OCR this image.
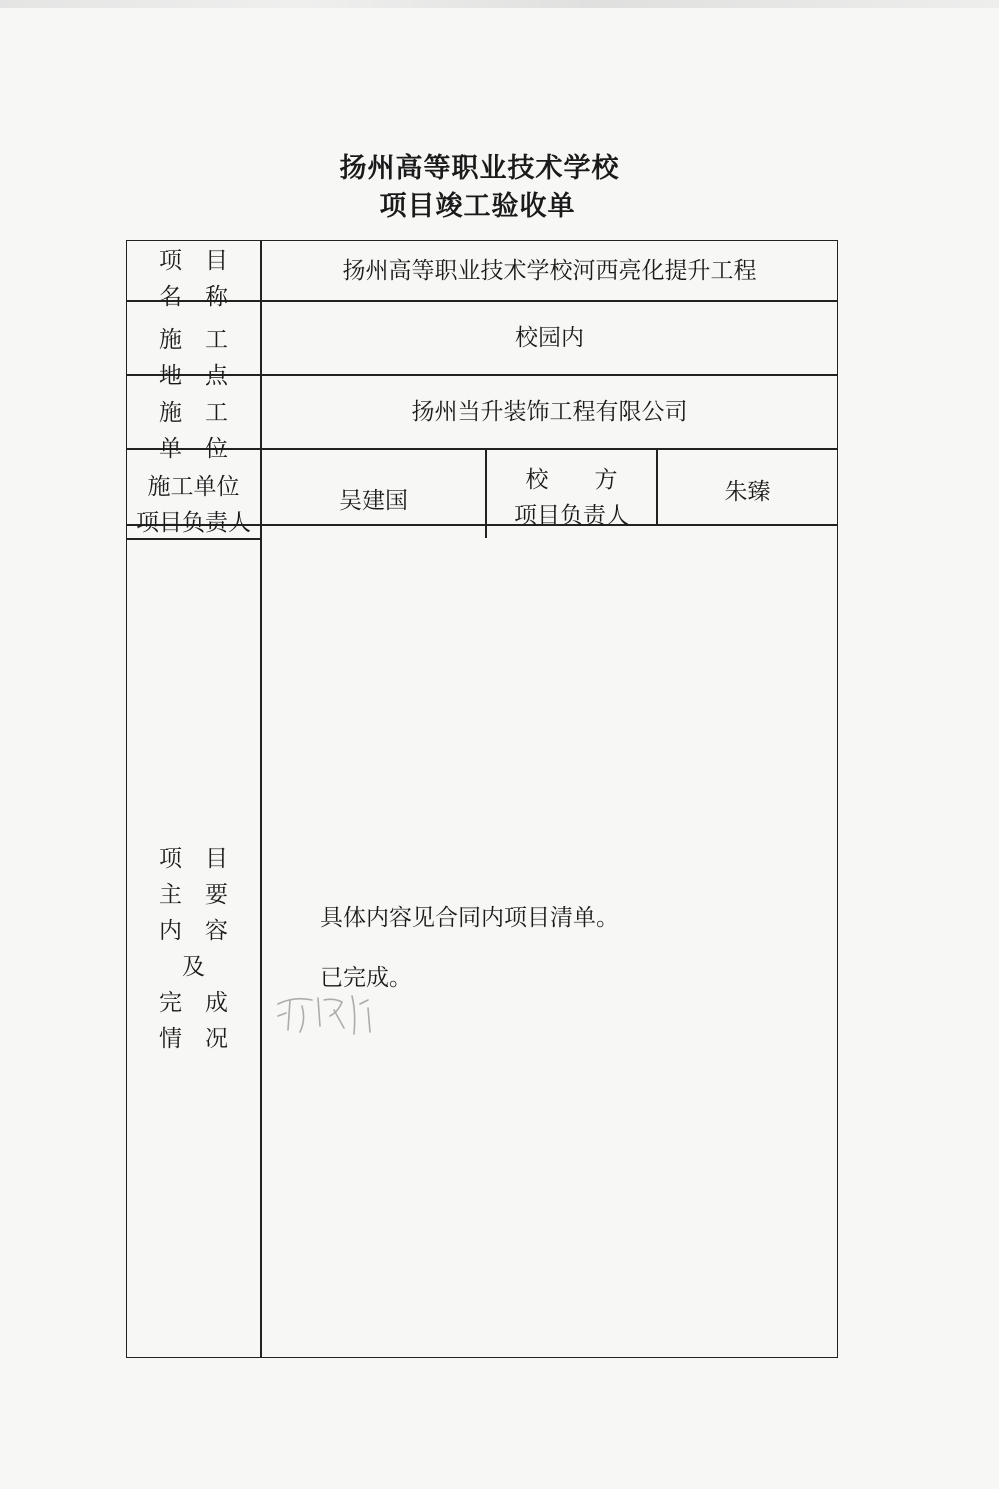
扬州高等职业技术学校
项目竣工验收单
项　目
名　称
扬州高等职业技术学校河西亮化提升工程
施　工
地　点
校园内
施　工
单　位
扬州当升装饰工程有限公司
施工单位
项目负责人
吴建国
校　　方
项目负责人
朱臻
项　目
主　要
内　容
及
完　成
情　况
具体内容见合同内项目清单。
已完成。
